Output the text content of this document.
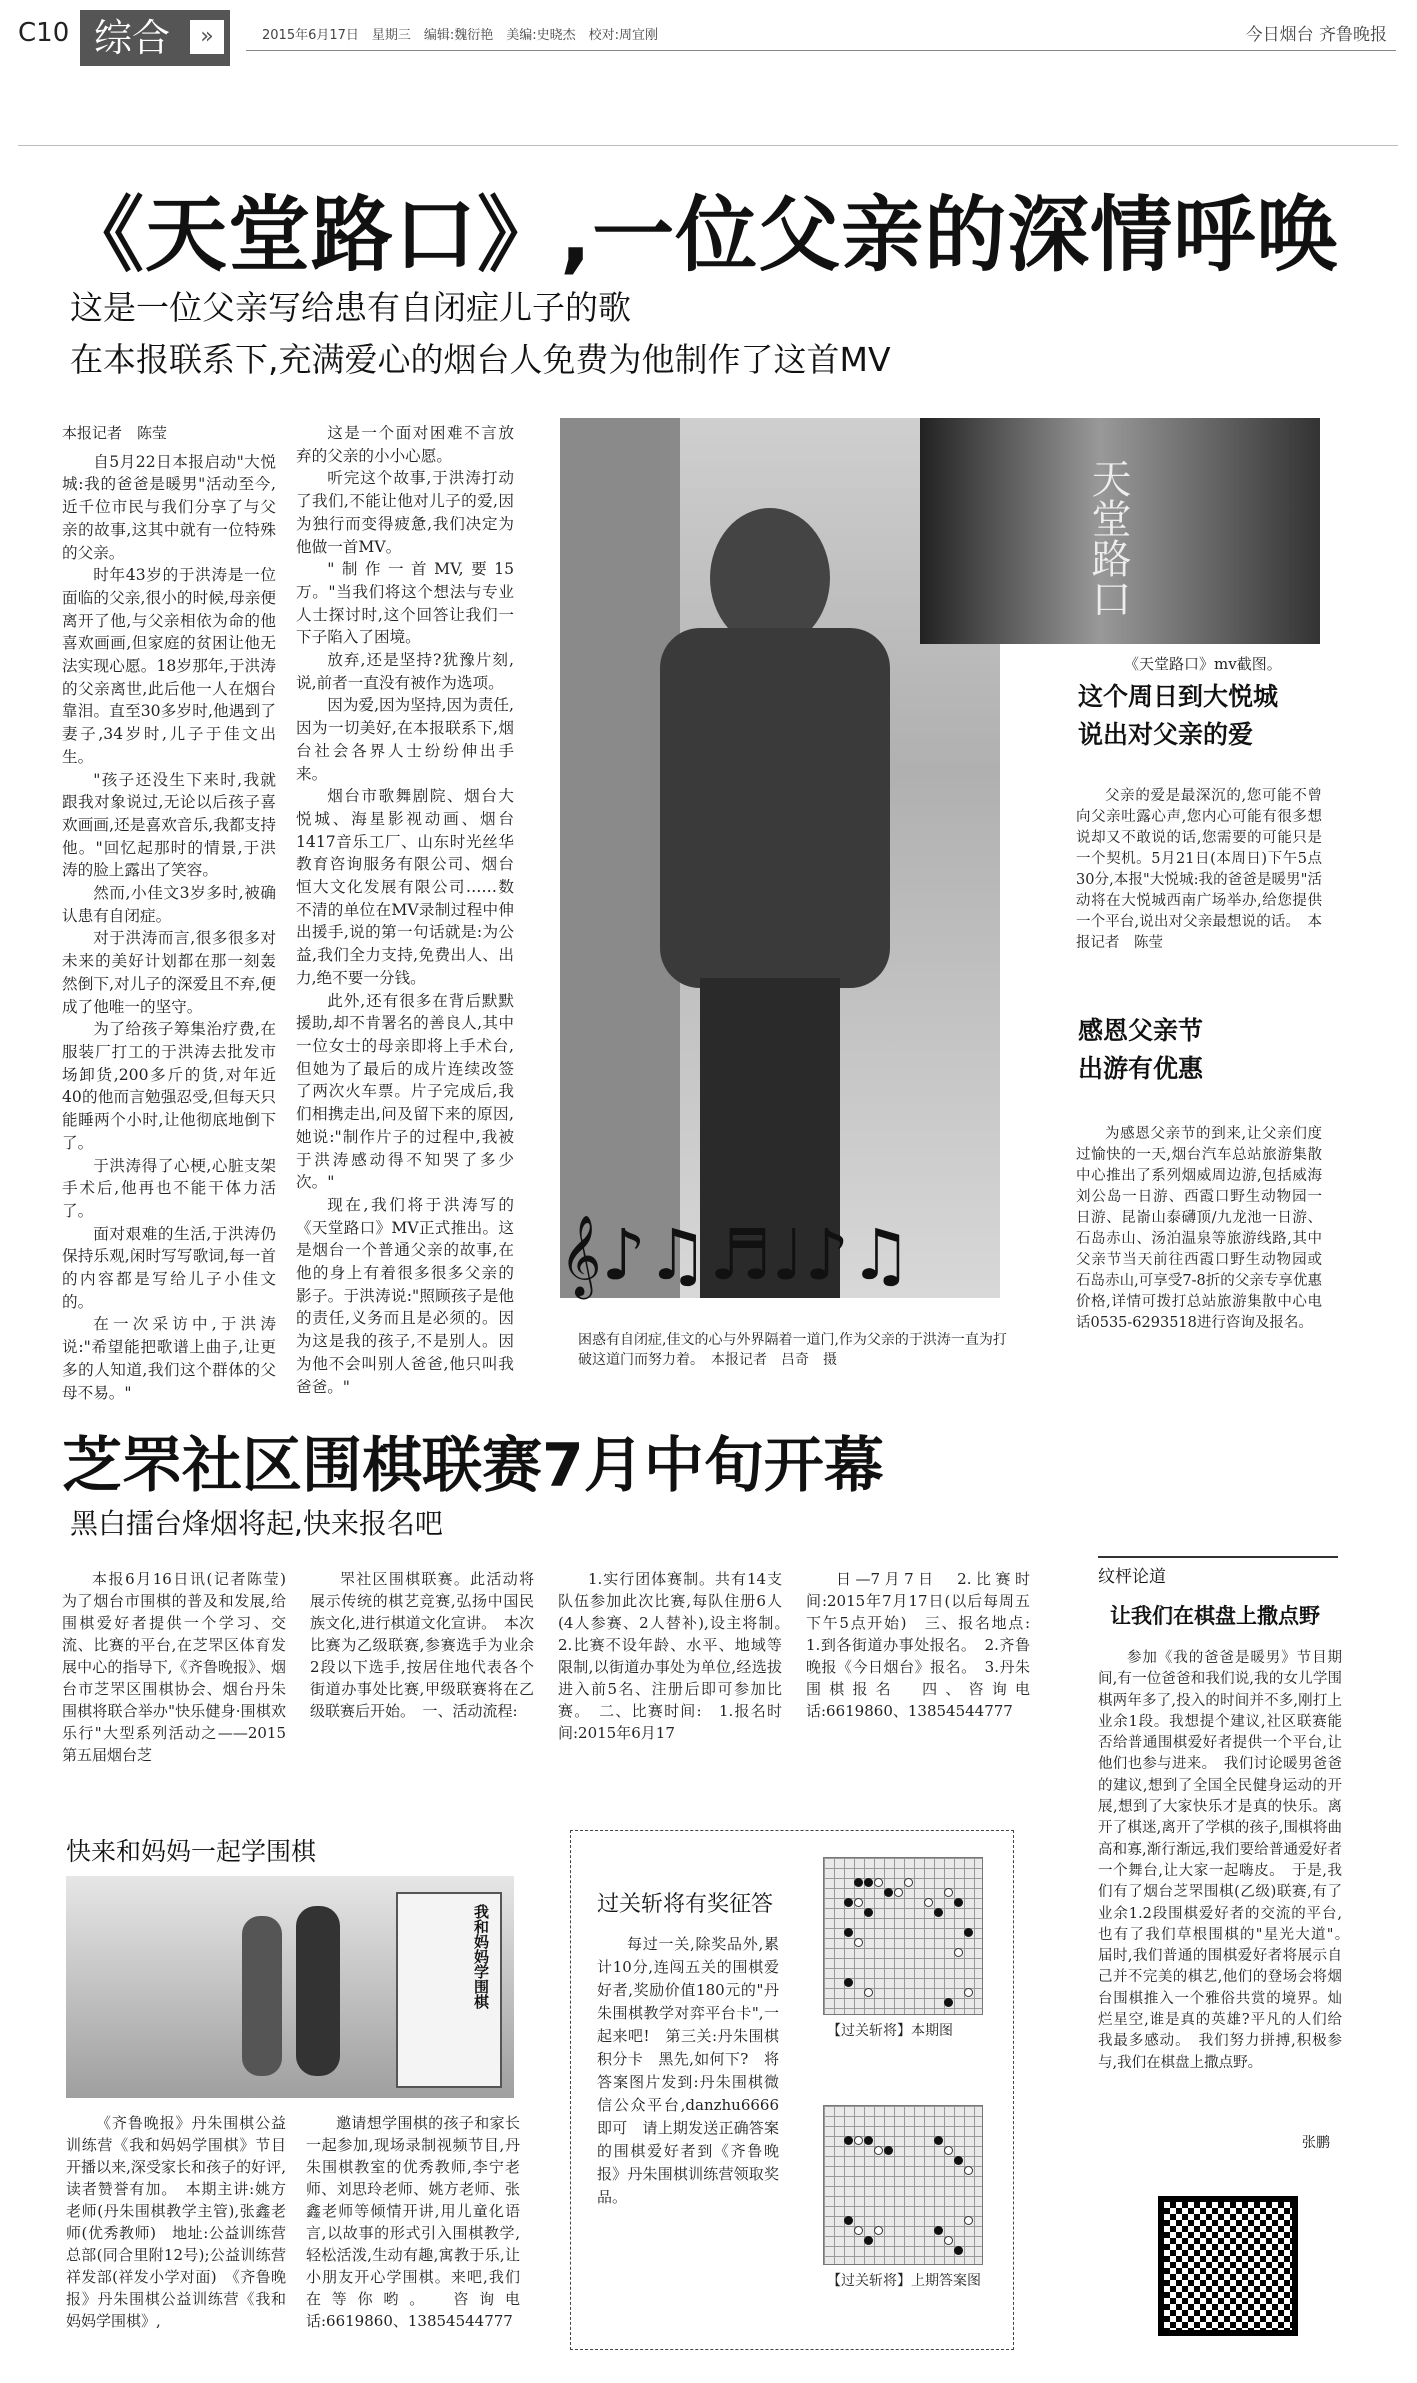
C10 综合	»	2015年6月17日　星期三　编辑:魏衍艳　美编:史晓杰　校对:周宜刚	今日烟台 齐鲁晚报
《天堂路口》,一位父亲的深情呼唤
这是一位父亲写给患有自闭症儿子的歌
在本报联系下,充满爱心的烟台人免费为他制作了这首MV

本报记者　陈莹

自5月22日本报启动"大悦城:我的爸爸是暖男"活动至今,近千位市民与我们分享了与父亲的故事,这其中就有一位特殊的父亲。

时年43岁的于洪涛是一位面临的父亲,很小的时候,母亲便离开了他,与父亲相依为命的他喜欢画画,但家庭的贫困让他无法实现心愿。18岁那年,于洪涛的父亲离世,此后他一人在烟台靠泪。直至30多岁时,他遇到了妻子,34岁时,儿子于佳文出生。

"孩子还没生下来时,我就跟我对象说过,无论以后孩子喜欢画画,还是喜欢音乐,我都支持他。"回忆起那时的情景,于洪涛的脸上露出了笑容。

然而,小佳文3岁多时,被确认患有自闭症。

对于洪涛而言,很多很多对未来的美好计划都在那一刻轰然倒下,对儿子的深爱且不弃,便成了他唯一的坚守。

为了给孩子筹集治疗费,在服装厂打工的于洪涛去批发市场卸货,200多斤的货,对年近40的他而言勉强忍受,但每天只能睡两个小时,让他彻底地倒下了。

于洪涛得了心梗,心脏支架手术后,他再也不能干体力活了。

面对艰难的生活,于洪涛仍保持乐观,闲时写写歌词,每一首的内容都是写给儿子小佳文的。

在一次采访中,于洪涛说:"希望能把歌谱上曲子,让更多的人知道,我们这个群体的父母不易。"

这是一个面对困难不言放弃的父亲的小小心愿。

听完这个故事,于洪涛打动了我们,不能让他对儿子的爱,因为独行而变得疲惫,我们决定为他做一首MV。

"制作一首MV,要15万。"当我们将这个想法与专业人士探讨时,这个回答让我们一下子陷入了困境。

放弃,还是坚持?犹豫片刻,说,前者一直没有被作为选项。

因为爱,因为坚持,因为责任,因为一切美好,在本报联系下,烟台社会各界人士纷纷伸出手来。

烟台市歌舞剧院、烟台大悦城、海星影视动画、烟台1417音乐工厂、山东时光丝华教育咨询服务有限公司、烟台恒大文化发展有限公司……数不清的单位在MV录制过程中伸出援手,说的第一句话就是:为公益,我们全力支持,免费出人、出力,绝不要一分钱。

此外,还有很多在背后默默援助,却不肯署名的善良人,其中一位女士的母亲即将上手术台,但她为了最后的成片连续改签了两次火车票。片子完成后,我们相携走出,问及留下来的原因,她说:"制作片子的过程中,我被于洪涛感动得不知哭了多少次。"

现在,我们将于洪涛写的《天堂路口》MV正式推出。这是烟台一个普通父亲的故事,在他的身上有着很多很多父亲的影子。于洪涛说:"照顾孩子是他的责任,义务而且是必须的。因为这是我的孩子,不是别人。因为他不会叫别人爸爸,他只叫我爸爸。"

𝄞♪♫♬♩♪♫
困惑有自闭症,佳文的心与外界隔着一道门,作为父亲的于洪涛一直为打破这道门而努力着。　本报记者　吕奇　摄
天堂路口
《天堂路口》mv截图。
这个周日到大悦城
说出对父亲的爱

父亲的爱是最深沉的,您可能不曾向父亲吐露心声,您内心可能有很多想说却又不敢说的话,您需要的可能只是一个契机。5月21日(本周日)下午5点30分,本报"大悦城:我的爸爸是暖男"活动将在大悦城西南广场举办,给您提供一个平台,说出对父亲最想说的话。　本报记者　陈莹

感恩父亲节
出游有优惠

为感恩父亲节的到来,让父亲们度过愉快的一天,烟台汽车总站旅游集散中心推出了系列烟威周边游,包括威海刘公岛一日游、西霞口野生动物园一日游、昆嵛山泰礴顶/九龙池一日游、石岛赤山、汤泊温泉等旅游线路,其中父亲节当天前往西霞口野生动物园或石岛赤山,可享受7-8折的父亲专享优惠价格,详情可拨打总站旅游集散中心电话0535-6293518进行咨询及报名。

芝罘社区围棋联赛7月中旬开幕
黑白擂台烽烟将起,快来报名吧

本报6月16日讯(记者陈莹)　为了烟台市围棋的普及和发展,给围棋爱好者提供一个学习、交流、比赛的平台,在芝罘区体育发展中心的指导下,《齐鲁晚报》、烟台市芝罘区围棋协会、烟台丹朱围棋将联合举办"快乐健身·围棋欢乐行"大型系列活动之——2015第五届烟台芝

罘社区围棋联赛。此活动将展示传统的棋艺竞赛,弘扬中国民族文化,进行棋道文化宣讲。　本次比赛为乙级联赛,参赛选手为业余2段以下选手,按居住地代表各个街道办事处比赛,甲级联赛将在乙级联赛后开始。　一、活动流程:

1.实行团体赛制。共有14支队伍参加此次比赛,每队住册6人(4人参赛、2人替补),设主将制。　2.比赛不设年龄、水平、地域等限制,以街道办事处为单位,经选拔进入前5名、注册后即可参加比赛。　二、比赛时间:　1.报名时间:2015年6月17

日—7月7日　2.比赛时间:2015年7月17日(以后每周五下午5点开始)　三、报名地点:　1.到各街道办事处报名。　2.齐鲁晚报《今日烟台》报名。　3.丹朱围棋报名　四、咨询电话:6619860、13854544777

纹枰论道
让我们在棋盘上撒点野

参加《我的爸爸是暖男》节目期间,有一位爸爸和我们说,我的女儿学围棋两年多了,投入的时间并不多,刚打上业余1段。我想提个建议,社区联赛能否给普通围棋爱好者提供一个平台,让他们也参与进来。　我们讨论暖男爸爸的建议,想到了全国全民健身运动的开展,想到了大家快乐才是真的快乐。离开了棋迷,离开了学棋的孩子,围棋将曲高和寡,渐行渐远,我们要给普通爱好者一个舞台,让大家一起嗨皮。　于是,我们有了烟台芝罘围棋(乙级)联赛,有了业余1.2段围棋爱好者的交流的平台,也有了我们草根围棋的"星光大道"。　届时,我们普通的围棋爱好者将展示自己并不完美的棋艺,他们的登场会将烟台围棋推入一个雅俗共赏的境界。灿烂星空,谁是真的英雄?平凡的人们给我最多感动。　我们努力拼搏,积极参与,我们在棋盘上撒点野。

张鹏
快来和妈妈一起学围棋
我和妈妈学围棋

《齐鲁晚报》丹朱围棋公益训练营《我和妈妈学围棋》节目开播以来,深受家长和孩子的好评,读者赞誉有加。　本期主讲:姚方老师(丹朱围棋教学主管),张鑫老师(优秀教师)　地址:公益训练营总部(同合里附12号);公益训练营祥发部(祥发小学对面)　《齐鲁晚报》丹朱围棋公益训练营《我和妈妈学围棋》,

邀请想学围棋的孩子和家长一起参加,现场录制视频节目,丹朱围棋教室的优秀教师,李宁老师、刘思玲老师、姚方老师、张鑫老师等倾情开讲,用儿童化语言,以故事的形式引入围棋教学,轻松活泼,生动有趣,寓教于乐,让小朋友开心学围棋。来吧,我们在等你哟。　咨询电话:6619860、13854544777

过关斩将有奖征答

每过一关,除奖品外,累计10分,连闯五关的围棋爱好者,奖励价值180元的"丹朱围棋教学对弈平台卡",一起来吧!　第三关:丹朱围棋积分卡　黑先,如何下?　将答案图片发到:丹朱围棋微信公众平台,danzhu6666即可　请上期发送正确答案的围棋爱好者到《齐鲁晚报》丹朱围棋训练营领取奖品。

【过关斩将】本期图
【过关斩将】上期答案图
